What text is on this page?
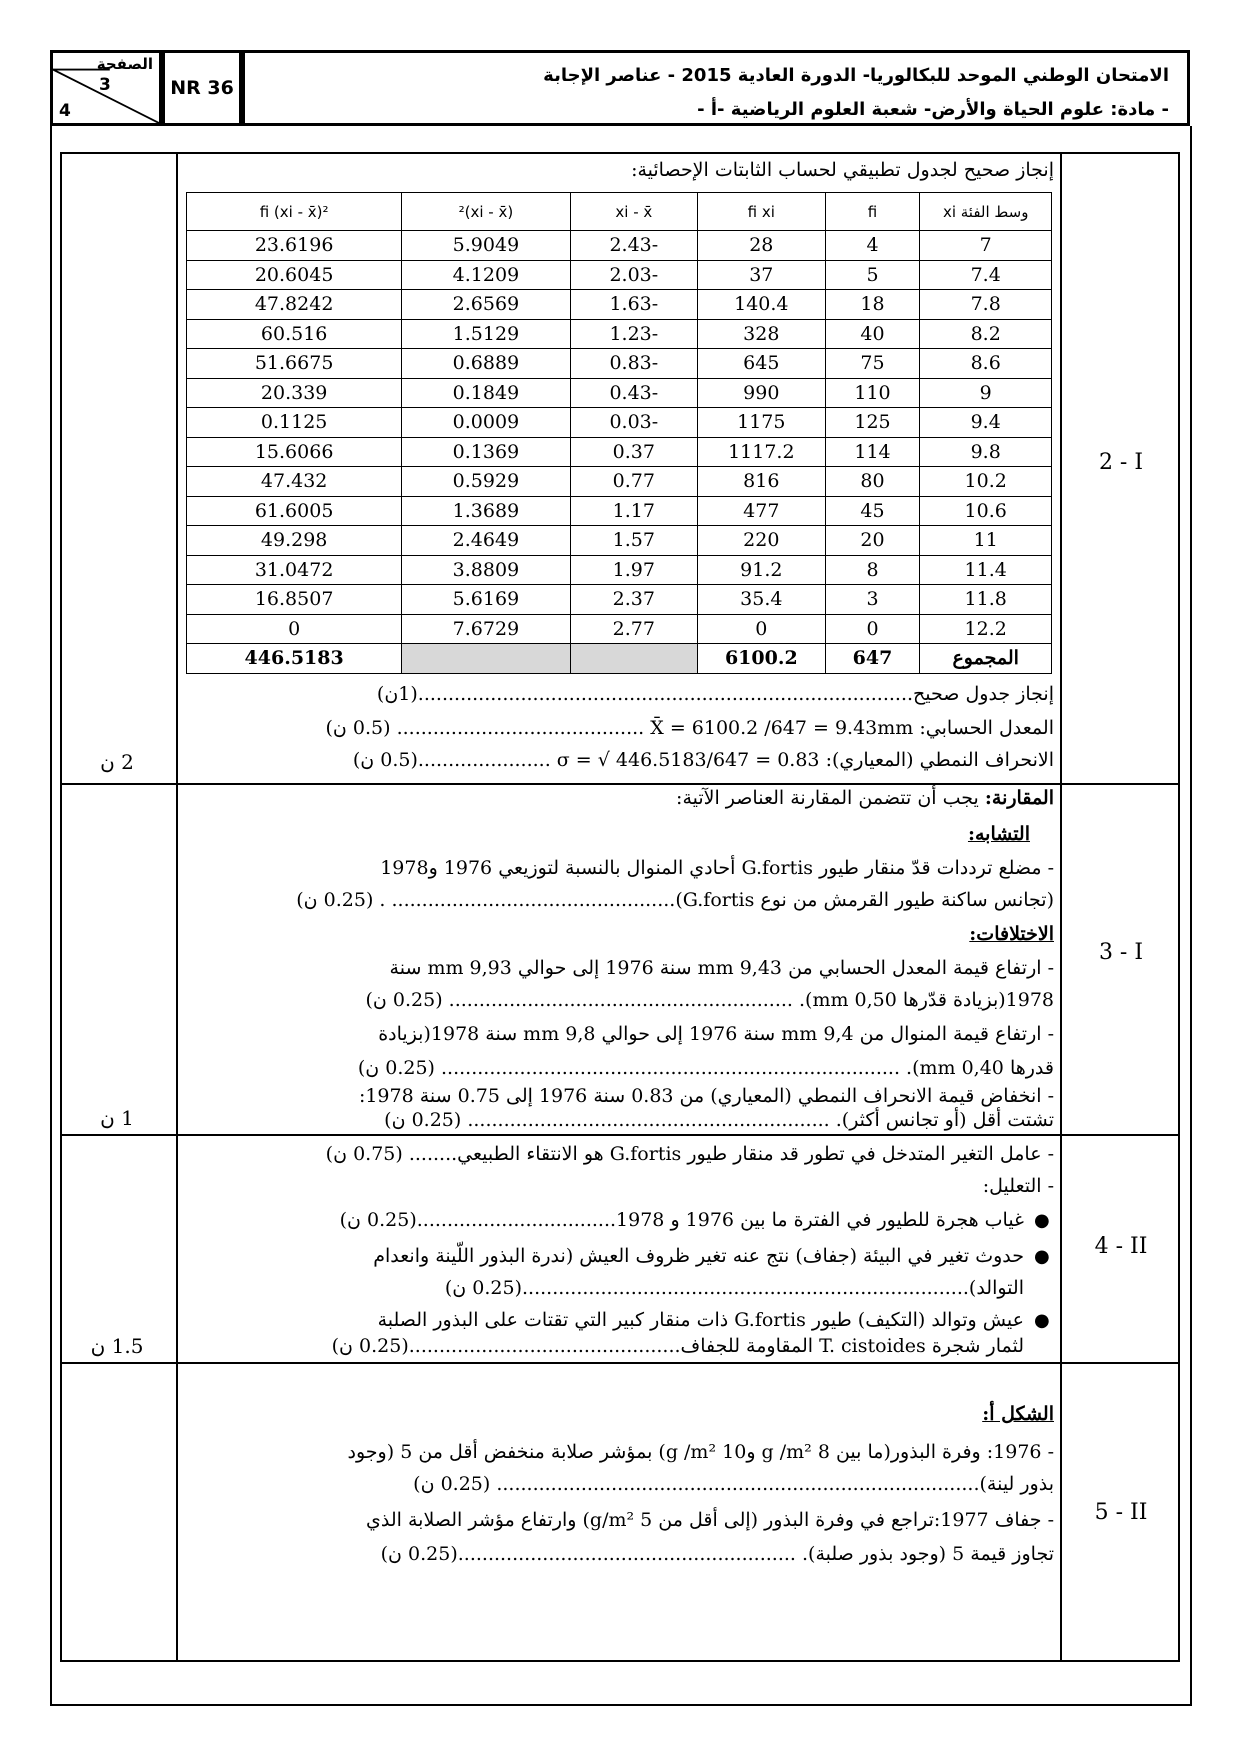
الصفحة
3
4
NR 36
الامتحان الوطني الموحد للبكالوريا- الدورة العادية 2015 - عناصر الإجابة
- مادة: علوم الحياة والأرض- شعبة العلوم الرياضية -أ -
2 - I
2 ن
إنجاز صحيح لجدول تطبيقي لحساب الثابتات الإحصائية:
وسط الفئة xi	fi	fi xi	xi - x̄	(xi - x̄)²	fi (xi - x̄)²
7	4	28	-2.43	5.9049	23.6196
7.4	5	37	-2.03	4.1209	20.6045
7.8	18	140.4	-1.63	2.6569	47.8242
8.2	40	328	-1.23	1.5129	60.516
8.6	75	645	-0.83	0.6889	51.6675
9	110	990	-0.43	0.1849	20.339
9.4	125	1175	-0.03	0.0009	0.1125
9.8	114	1117.2	0.37	0.1369	15.6066
10.2	80	816	0.77	0.5929	47.432
10.6	45	477	1.17	1.3689	61.6005
11	20	220	1.57	2.4649	49.298
11.4	8	91.2	1.97	3.8809	31.0472
11.8	3	35.4	2.37	5.6169	16.8507
12.2	0	0	2.77	7.6729	0
المجموع	647	6100.2			446.5183
إنجاز جدول صحيح..................................................................................(1ن)
المعدل الحسابي: X̄ = 6100.2 /647 = 9.43mm ......................................... (0.5 ن)
الانحراف النمطي (المعياري): σ = √ 446.5183/647 = 0.83 ......................(0.5 ن)
3 - I
1 ن
المقارنة: يجب أن تتضمن المقارنة العناصر الآتية:
التشابه:
- مضلع ترددات قدّ منقار طيور G.fortis أحادي المنوال بالنسبة لتوزيعي 1976 و1978
(تجانس ساكنة طيور القرمش من نوع G.fortis)............................................... . (0.25 ن)
الاختلافات:
- ارتفاع قيمة المعدل الحسابي من 9,43 mm سنة 1976 إلى حوالي 9,93 mm سنة
1978(بزيادة قدّرها 0,50 mm). ......................................................... (0.25 ن)
- ارتفاع قيمة المنوال من 9,4 mm سنة 1976 إلى حوالي 9,8 mm سنة 1978(بزيادة
قدرها 0,40 mm). ............................................................................ (0.25 ن)
- انخفاض قيمة الانحراف النمطي (المعياري) من 0.83 سنة 1976 إلى 0.75 سنة 1978:
تشتت أقل (أو تجانس أكثر). ............................................................ (0.25 ن)
4 - II
1.5 ن
- عامل التغير المتدخل في تطور قد منقار طيور G.fortis هو الانتقاء الطبيعي........ (0.75 ن)
- التعليل:
●
غياب هجرة للطيور في الفترة ما بين 1976 و 1978.................................(0.25 ن)
●
حدوث تغير في البيئة (جفاف) نتج عنه تغير ظروف العيش (ندرة البذور اللّينة وانعدام
التوالد)..........................................................................(0.25 ن)
●
عيش وتوالد (التكيف) طيور G.fortis ذات منقار كبير التي تقتات على البذور الصلبة
لثمار شجرة T. cistoides المقاومة للجفاف.............................................(0.25 ن)
5 - II
الشكل أ:
- 1976: وفرة البذور(ما بين 8 g /m² و10 g /m²) بمؤشر صلابة منخفض أقل من 5 (وجود
بذور لينة)................................................................................ (0.25 ن)
- جفاف 1977:تراجع في وفرة البذور (إلى أقل من 5 g/m²) وارتفاع مؤشر الصلابة الذي
تجاوز قيمة 5 (وجود بذور صلبة). ........................................................(0.25 ن)
